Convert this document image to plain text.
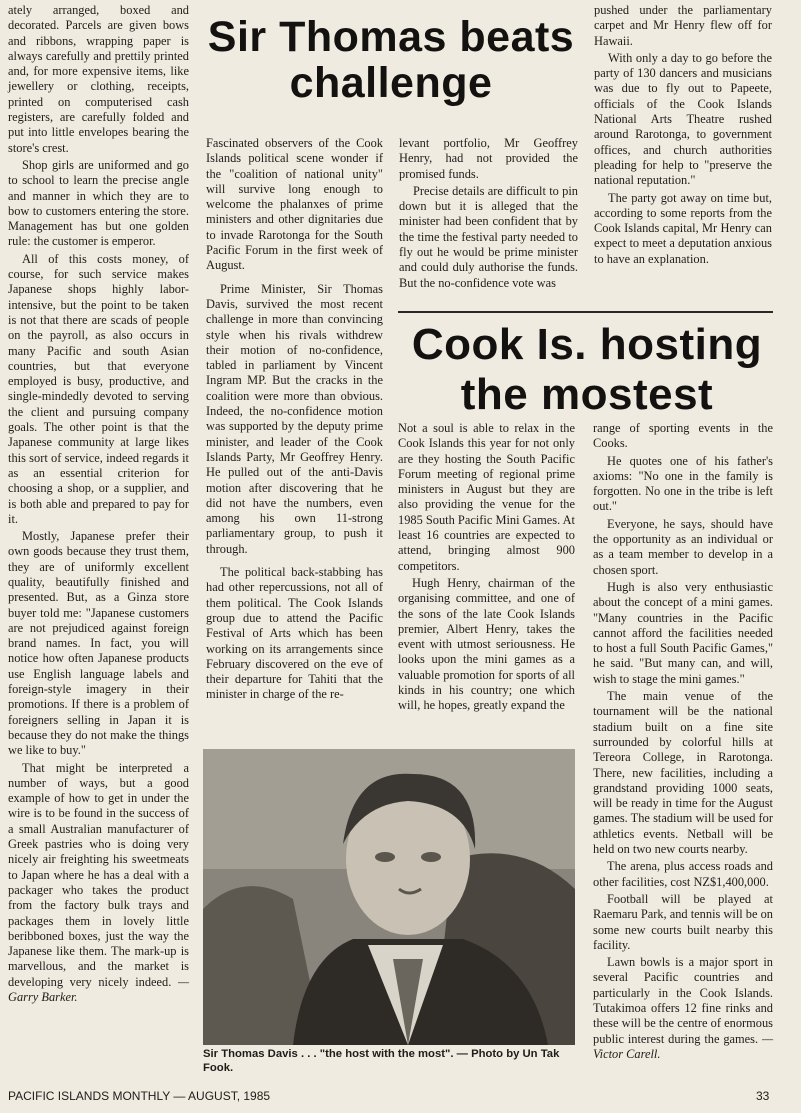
ately arranged, boxed and decorated. Parcels are given bows and ribbons, wrapping paper is always carefully and prettily printed and, for more expensive items, like jewellery or clothing, receipts, printed on computerised cash registers, are carefully folded and put into little envelopes bearing the store's crest.

Shop girls are uniformed and go to school to learn the precise angle and manner in which they are to bow to customers entering the store. Management has but one golden rule: the customer is emperor.

All of this costs money, of course, for such service makes Japanese shops highly labor-intensive, but the point to be taken is not that there are scads of people on the payroll, as also occurs in many Pacific and south Asian countries, but that everyone employed is busy, productive, and single-mindedly devoted to serving the client and pursuing company goals. The other point is that the Japanese community at large likes this sort of service, indeed regards it as an essential criterion for choosing a shop, or a supplier, and is both able and prepared to pay for it.

Mostly, Japanese prefer their own goods because they trust them, they are of uniformly excellent quality, beautifully finished and presented. But, as a Ginza store buyer told me: "Japanese customers are not prejudiced against foreign brand names. In fact, you will notice how often Japanese products use English language labels and foreign-style imagery in their promotions. If there is a problem of foreigners selling in Japan it is because they do not make the things we like to buy."

That might be interpreted a number of ways, but a good example of how to get in under the wire is to be found in the success of a small Australian manufacturer of Greek pastries who is doing very nicely air freighting his sweetmeats to Japan where he has a deal with a packager who takes the product from the factory bulk trays and packages them in lovely little beribboned boxes, just the way the Japanese like them. The mark-up is marvellous, and the market is developing very nicely indeed. — Garry Barker.

Sir Thomas beats challenge

Fascinated observers of the Cook Islands political scene wonder if the "coalition of national unity" will survive long enough to welcome the phalanxes of prime ministers and other dignitaries due to invade Rarotonga for the South Pacific Forum in the first week of August.

Prime Minister, Sir Thomas Davis, survived the most recent challenge in more than convincing style when his rivals withdrew their motion of no-confidence, tabled in parliament by Vincent Ingram MP. But the cracks in the coalition were more than obvious. Indeed, the no-confidence motion was supported by the deputy prime minister, and leader of the Cook Islands Party, Mr Geoffrey Henry. He pulled out of the anti-Davis motion after discovering that he did not have the numbers, even among his own 11-strong parliamentary group, to push it through.

The political back-stabbing has had other repercussions, not all of them political. The Cook Islands group due to attend the Pacific Festival of Arts which has been working on its arrangements since February discovered on the eve of their departure for Tahiti that the minister in charge of the re-

levant portfolio, Mr Geoffrey Henry, had not provided the promised funds.

Precise details are difficult to pin down but it is alleged that the minister had been confident that by the time the festival party needed to fly out he would be prime minister and could duly authorise the funds. But the no-confidence vote was

pushed under the parliamentary carpet and Mr Henry flew off for Hawaii.

With only a day to go before the party of 130 dancers and musicians was due to fly out to Papeete, officials of the Cook Islands National Arts Theatre rushed around Rarotonga, to government offices, and church authorities pleading for help to "preserve the national reputation."

The party got away on time but, according to some reports from the Cook Islands capital, Mr Henry can expect to meet a deputation anxious to have an explanation.

Cook Is. hosting the mostest

Not a soul is able to relax in the Cook Islands this year for not only are they hosting the South Pacific Forum meeting of regional prime ministers in August but they are also providing the venue for the 1985 South Pacific Mini Games. At least 16 countries are expected to attend, bringing almost 900 competitors.

Hugh Henry, chairman of the organising committee, and one of the sons of the late Cook Islands premier, Albert Henry, takes the event with utmost seriousness. He looks upon the mini games as a valuable promotion for sports of all kinds in his country; one which will, he hopes, greatly expand the

range of sporting events in the Cooks.

He quotes one of his father's axioms: "No one in the family is forgotten. No one in the tribe is left out."

Everyone, he says, should have the opportunity as an individual or as a team member to develop in a chosen sport.

Hugh is also very enthusiastic about the concept of a mini games. "Many countries in the Pacific cannot afford the facilities needed to host a full South Pacific Games," he said. "But many can, and will, wish to stage the mini games."

The main venue of the tournament will be the national stadium built on a fine site surrounded by colorful hills at Tereora College, in Rarotonga. There, new facilities, including a grandstand providing 1000 seats, will be ready in time for the August games. The stadium will be used for athletics events. Netball will be held on two new courts nearby.

The arena, plus access roads and other facilities, cost NZ$1,400,000.

Football will be played at Raemaru Park, and tennis will be on some new courts built nearby this facility.

Lawn bowls is a major sport in several Pacific countries and particularly in the Cook Islands. Tutakimoa offers 12 fine rinks and these will be the centre of enormous public interest during the games. — Victor Carell.

Sir Thomas Davis . . . "the host with the most". — Photo by Un Tak Fook.
PACIFIC ISLANDS MONTHLY — AUGUST, 1985	33
